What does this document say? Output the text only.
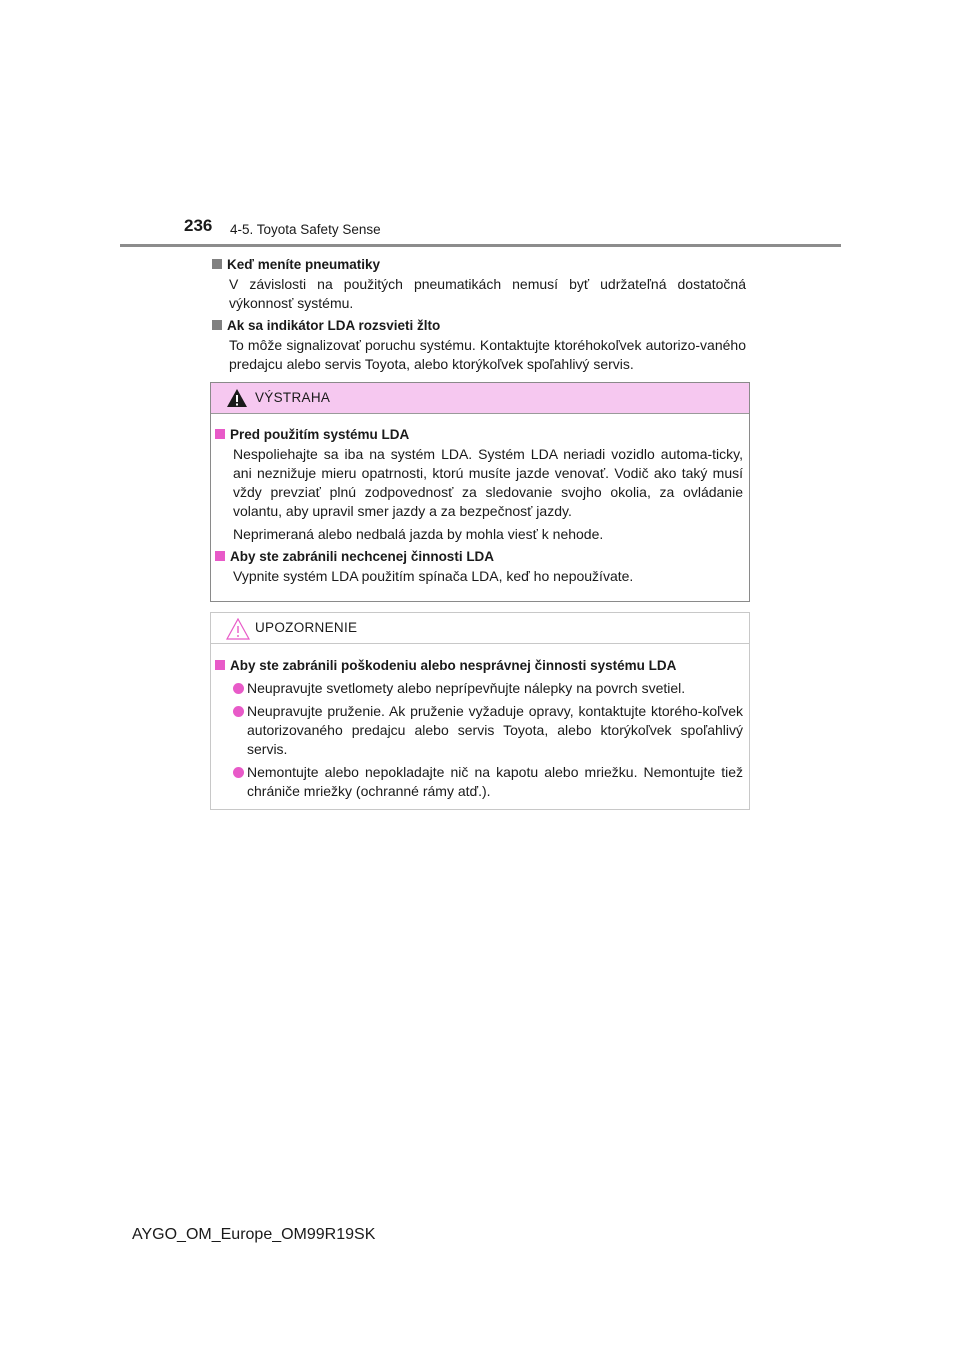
236 4-5. Toyota Safety Sense

Keď meníte pneumatiky

V závislosti na použitých pneumatikách nemusí byť udržateľná dostatočná výkonnosť systému.

Ak sa indikátor LDA rozsvieti žlto

To môže signalizovať poruchu systému. Kontaktujte ktoréhokoľvek autorizo-vaného predajcu alebo servis Toyota, alebo ktorýkoľvek spoľahlivý servis.

VÝSTRAHA

Pred použitím systému LDA

Nespoliehajte sa iba na systém LDA. Systém LDA neriadi vozidlo automa-ticky, ani neznižuje mieru opatrnosti, ktorú musíte jazde venovať. Vodič ako taký musí vždy prevziať plnú zodpovednosť za sledovanie svojho okolia, za ovládanie volantu, aby upravil smer jazdy a za bezpečnosť jazdy.

Neprimeraná alebo nedbalá jazda by mohla viesť k nehode.

Aby ste zabránili nechcenej činnosti LDA

Vypnite systém LDA použitím spínača LDA, keď ho nepoužívate.

UPOZORNENIE

Aby ste zabránili poškodeniu alebo nesprávnej činnosti systému LDA

Neupravujte svetlomety alebo neprípevňujte nálepky na povrch svetiel.
Neupravujte pruženie. Ak pruženie vyžaduje opravy, kontaktujte ktorého-koľvek autorizovaného predajcu alebo servis Toyota, alebo ktorýkoľvek spoľahlivý servis.
Nemontujte alebo nepokladajte nič na kapotu alebo mriežku. Nemontujte tiež chrániče mriežky (ochranné rámy atď.).
AYGO_OM_Europe_OM99R19SK
